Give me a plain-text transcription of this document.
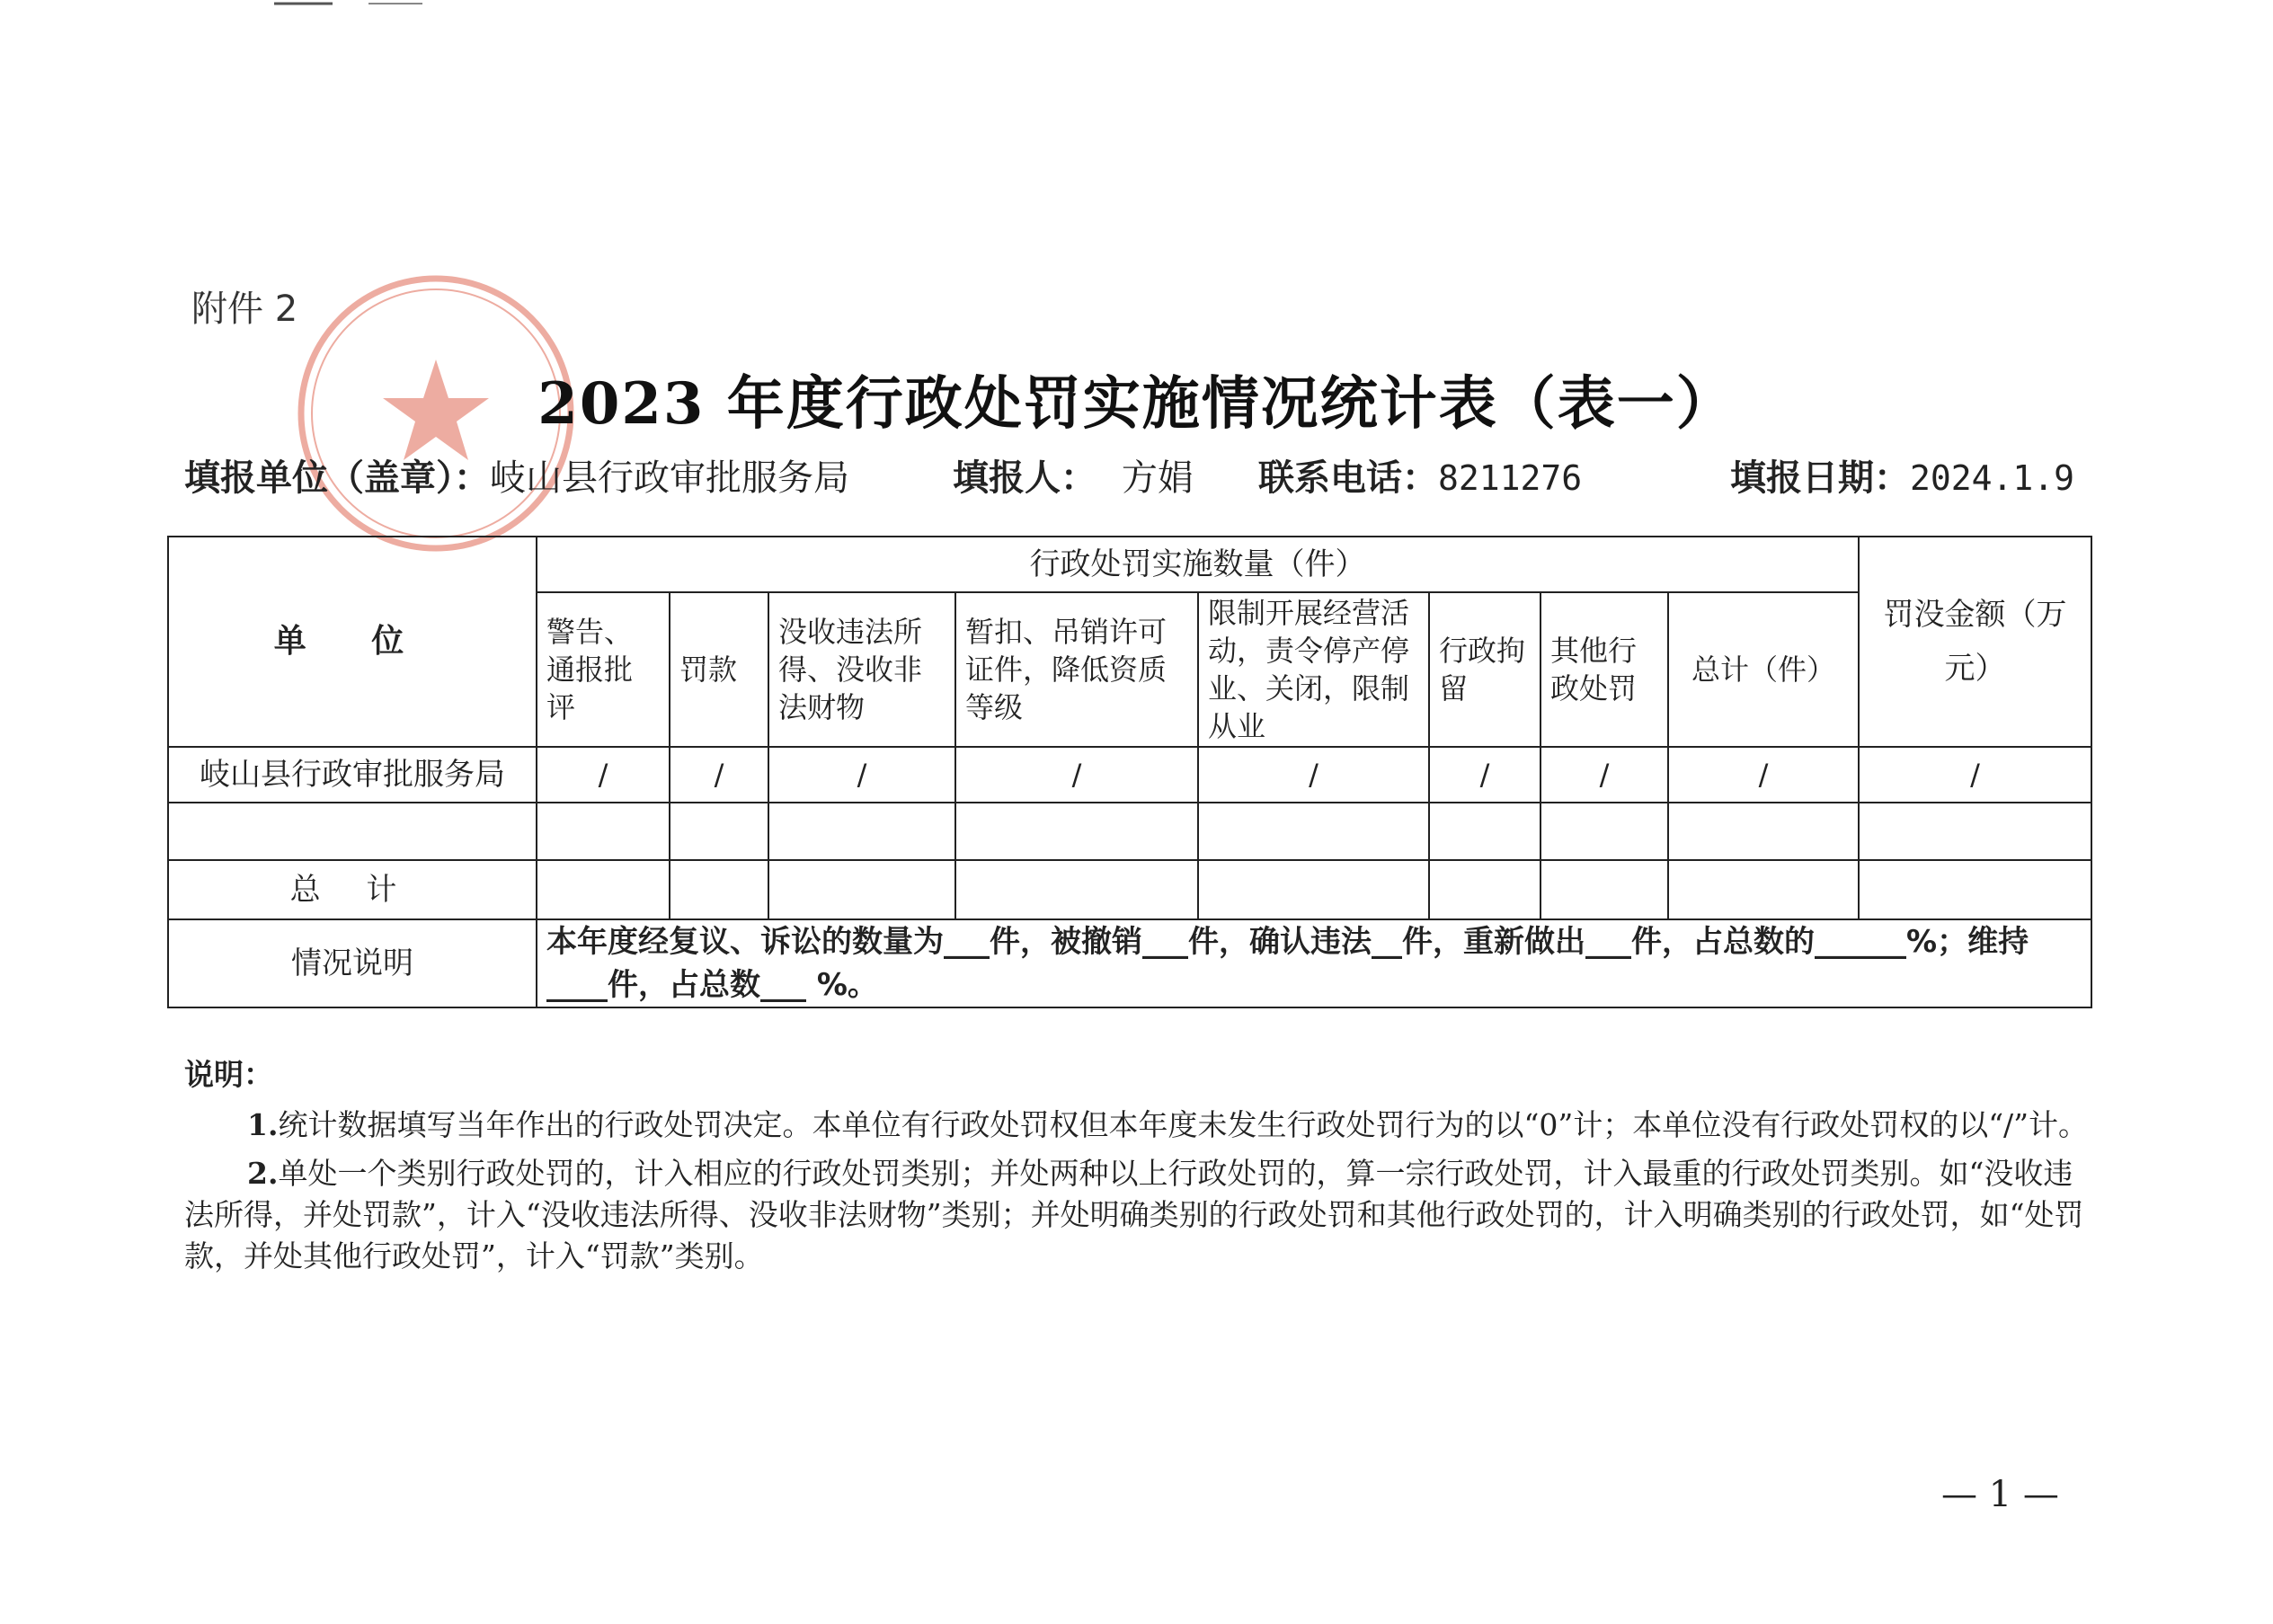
附件 2
2023 年度行政处罚实施情况统计表（表一）
填报单位（盖章）：岐山县行政审批服务局	填报人： 方娟 联系电话：8211276	填报日期：2024.1.9
单 位	行政处罚实施数量（件）								罚没金额（万元）
	警告、通报批评	罚款	没收违法所得、没收非法财物	暂扣、吊销许可证件，降低资质等级	限制开展经营活动，责令停产停业、关闭，限制从业	行政拘留	其他行政处罚	总计（件）	
岐山县行政审批服务局	/	/	/	/	/	/	/	/	/

总 计									
情况说明	本年度经复议、诉讼的数量为___件，被撤销___件，确认违法__件，重新做出___件，占总数的______%；维持____件，占总数___ %。								
说明：

1.统计数据填写当年作出的行政处罚决定。本单位有行政处罚权但本年度未发生行政处罚行为的以“0”计；本单位没有行政处罚权的以“/”计。

2.单处一个类别行政处罚的，计入相应的行政处罚类别；并处两种以上行政处罚的，算一宗行政处罚，计入最重的行政处罚类别。如“没收违法所得，并处罚款”，计入“没收违法所得、没收非法财物”类别；并处明确类别的行政处罚和其他行政处罚的，计入明确类别的行政处罚，如“处罚款，并处其他行政处罚”，计入“罚款”类别。

— 1 —
